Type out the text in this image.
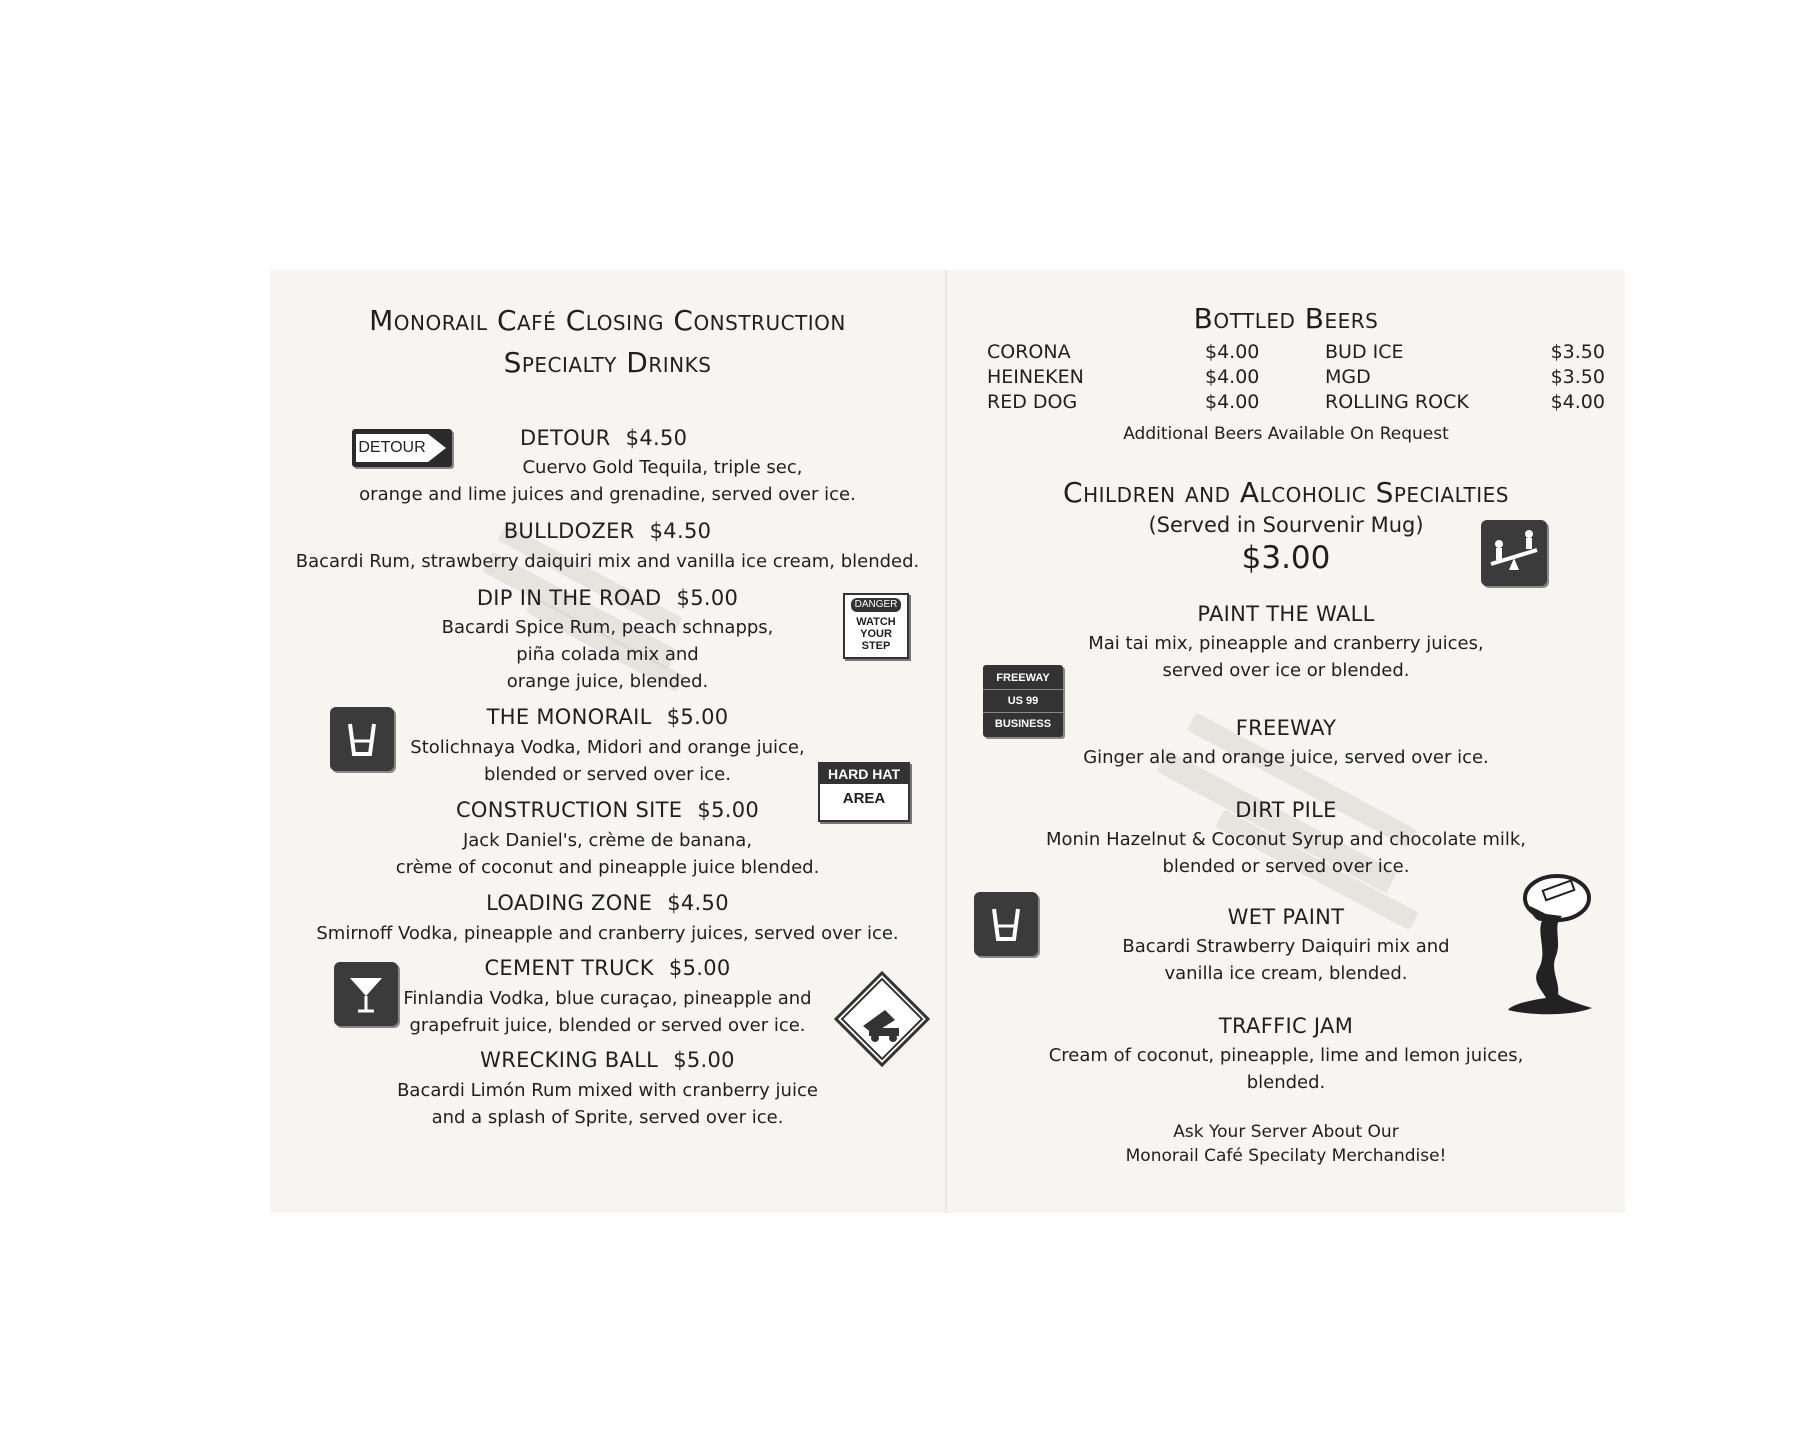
Monorail Café Closing Construction
Specialty Drinks
DETOUR	DETOUR $4.50
Cuervo Gold Tequila, triple sec,
orange and lime juices and grenadine, served over ice.
BULLDOZER $4.50
Bacardi Rum, strawberry daiquiri mix and vanilla ice cream, blended.
DANGER
WATCH
YOUR
STEP
DIP IN THE ROAD $5.00
Bacardi Spice Rum, peach schnapps,
piña colada mix and
orange juice, blended.
THE MONORAIL $5.00
Stolichnaya Vodka, Midori and orange juice,
blended or served over ice.	HARD HAT
AREA
CONSTRUCTION SITE $5.00
Jack Daniel's, crème de banana,
crème of coconut and pineapple juice blended.
LOADING ZONE $4.50
Smirnoff Vodka, pineapple and cranberry juices, served over ice.
CEMENT TRUCK $5.00
Finlandia Vodka, blue curaçao, pineapple and
grapefruit juice, blended or served over ice.
WRECKING BALL $5.00
Bacardi Limón Rum mixed with cranberry juice
and a splash of Sprite, served over ice.
Bottled Beers
CORONA	$4.00	BUD ICE	$3.50
HEINEKEN	$4.00	MGD	$3.50
RED DOG	$4.00	ROLLING ROCK	$4.00
Additional Beers Available On Request
Children and Alcoholic Specialties
(Served in Sourvenir Mug)
$3.00
PAINT THE WALL
Mai tai mix, pineapple and cranberry juices,
served over ice or blended.
FREEWAY
US 99
BUSINESS	FREEWAY
Ginger ale and orange juice, served over ice.
DIRT PILE
Monin Hazelnut & Coconut Syrup and chocolate milk,
blended or served over ice.
WET PAINT
Bacardi Strawberry Daiquiri mix and
vanilla ice cream, blended.
TRAFFIC JAM
Cream of coconut, pineapple, lime and lemon juices,
blended.
Ask Your Server About Our
Monorail Café Specilaty Merchandise!
